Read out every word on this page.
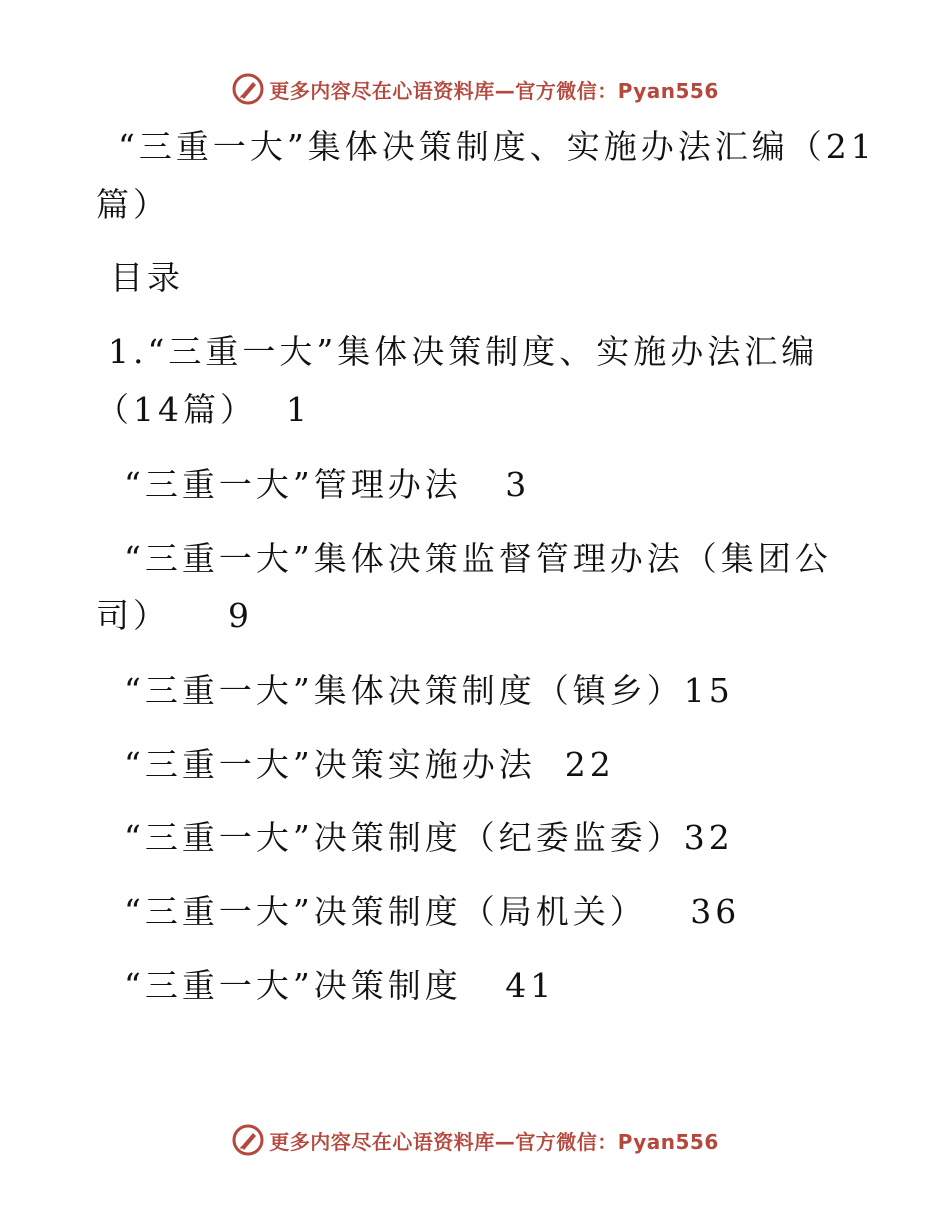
更多内容尽在心语资料库—官方微信：Pyan556
“三重一大”集体决策制度、实施办法汇编（21
篇）
目录
1.“三重一大”集体决策制度、实施办法汇编
（14篇）  1
“三重一大”管理办法   3
“三重一大”集体决策监督管理办法（集团公
司）    9
“三重一大”集体决策制度（镇乡）15
“三重一大”决策实施办法  22
“三重一大”决策制度（纪委监委）32
“三重一大”决策制度（局机关）   36
“三重一大”决策制度   41
更多内容尽在心语资料库—官方微信：Pyan556
